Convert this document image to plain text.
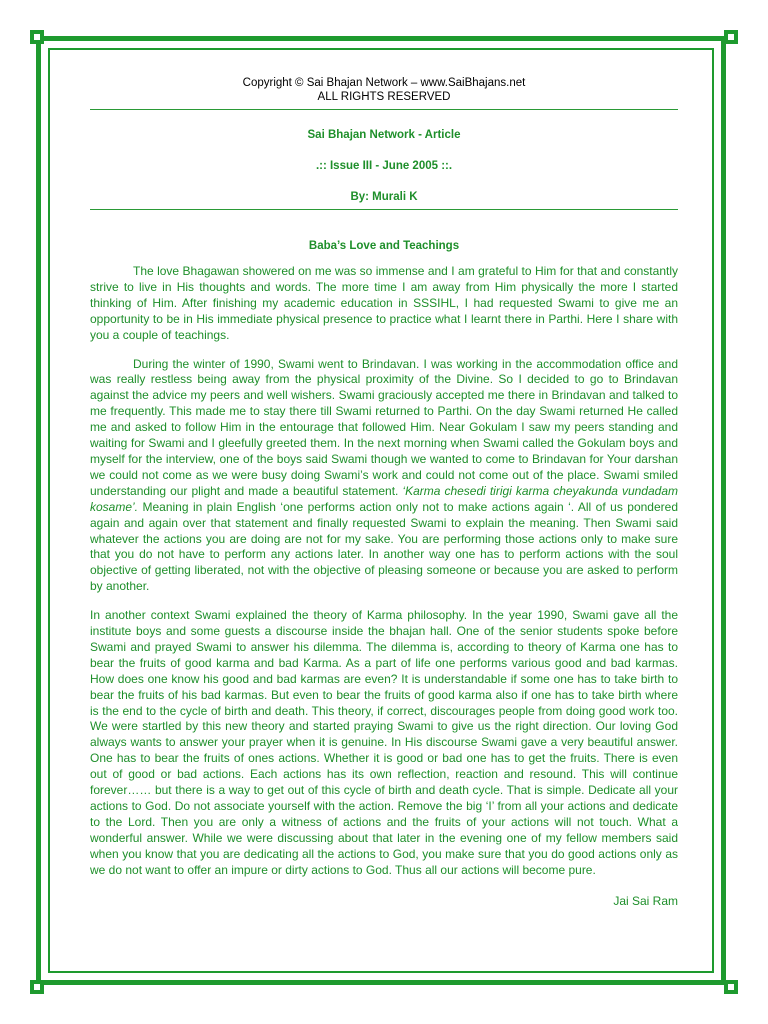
Copyright © Sai Bhajan Network – www.SaiBhajans.net
ALL RIGHTS RESERVED
Sai Bhajan Network - Article
.:: Issue III - June 2005 ::.
By: Murali K
Baba’s Love and Teachings

The love Bhagawan showered on me was so immense and I am grateful to Him for that and constantly strive to live in His thoughts and words. The more time I am away from Him physically the more I started thinking of Him. After finishing my academic education in SSSIHL, I had requested Swami to give me an opportunity to be in His immediate physical presence to practice what I learnt there in Parthi. Here I share with you a couple of teachings.

During the winter of 1990, Swami went to Brindavan. I was working in the accommodation office and was really restless being away from the physical proximity of the Divine. So I decided to go to Brindavan against the advice my peers and well wishers. Swami graciously accepted me there in Brindavan and talked to me frequently. This made me to stay there till Swami returned to Parthi. On the day Swami returned He called me and asked to follow Him in the entourage that followed Him. Near Gokulam I saw my peers standing and waiting for Swami and I gleefully greeted them. In the next morning when Swami called the Gokulam boys and myself for the interview, one of the boys said Swami though we wanted to come to Brindavan for Your darshan we could not come as we were busy doing Swami’s work and could not come out of the place. Swami smiled understanding our plight and made a beautiful statement. ‘Karma chesedi tirigi karma cheyakunda vundadam kosame’. Meaning in plain English ‘one performs action only not to make actions again ‘. All of us pondered again and again over that statement and finally requested Swami to explain the meaning. Then Swami said whatever the actions you are doing are not for my sake. You are performing those actions only to make sure that you do not have to perform any actions later. In another way one has to perform actions with the soul objective of getting liberated, not with the objective of pleasing someone or because you are asked to perform by another.

In another context Swami explained the theory of Karma philosophy. In the year 1990, Swami gave all the institute boys and some guests a discourse inside the bhajan hall. One of the senior students spoke before Swami and prayed Swami to answer his dilemma. The dilemma is, according to theory of Karma one has to bear the fruits of good karma and bad Karma. As a part of life one performs various good and bad karmas. How does one know his good and bad karmas are even? It is understandable if some one has to take birth to bear the fruits of his bad karmas. But even to bear the fruits of good karma also if one has to take birth where is the end to the cycle of birth and death. This theory, if correct, discourages people from doing good work too. We were startled by this new theory and started praying Swami to give us the right direction. Our loving God always wants to answer your prayer when it is genuine. In His discourse Swami gave a very beautiful answer. One has to bear the fruits of ones actions. Whether it is good or bad one has to get the fruits. There is even out of good or bad actions. Each actions has its own reflection, reaction and resound. This will continue forever…… but there is a way to get out of this cycle of birth and death cycle. That is simple. Dedicate all your actions to God. Do not associate yourself with the action. Remove the big ‘I’ from all your actions and dedicate to the Lord. Then you are only a witness of actions and the fruits of your actions will not touch. What a wonderful answer. While we were discussing about that later in the evening one of my fellow members said when you know that you are dedicating all the actions to God, you make sure that you do good actions only as we do not want to offer an impure or dirty actions to God. Thus all our actions will become pure.

Jai Sai Ram
